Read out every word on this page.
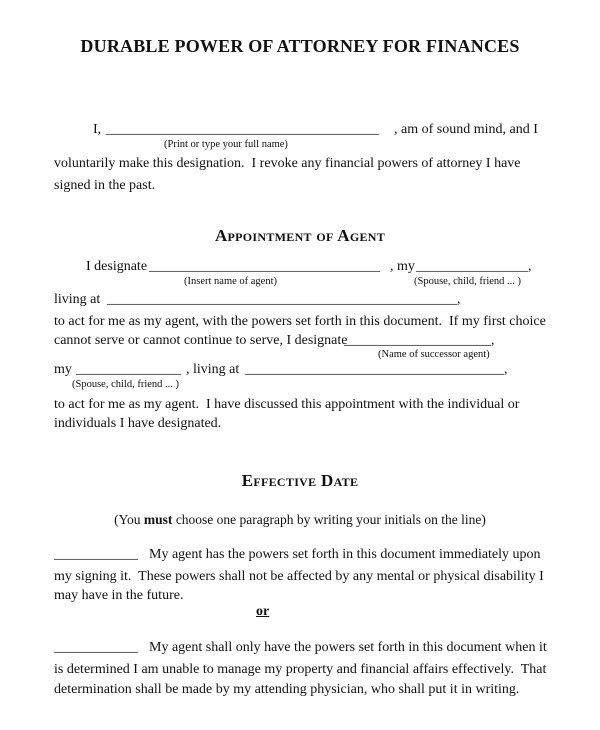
DURABLE POWER OF ATTORNEY FOR FINANCES
I, _______________________________________ , am of sound mind, and I
(Print or type your full name)
voluntarily make this designation.  I revoke any financial powers of attorney I have
signed in the past.
Appointment of Agent
I designate _________________________________ , my ________________,
(Insert name of agent)	(Spouse, child, friend ... )
living at __________________________________________________,
to act for me as my agent, with the powers set forth in this document.  If my first choice
cannot serve or cannot continue to serve, I designate
_____________________,
(Name of successor agent)
my _______________ , living at _____________________________________,
(Spouse, child, friend ... )
to act for me as my agent.  I have discussed this appointment with the individual or
individuals I have designated.
Effective Date
(You must choose one paragraph by writing your initials on the line)
____________ My agent has the powers set forth in this document immediately upon
my signing it.  These powers shall not be affected by any mental or physical disability I
may have in the future.
or
____________ My agent shall only have the powers set forth in this document when it
is determined I am unable to manage my property and financial affairs effectively.  That
determination shall be made by my attending physician, who shall put it in writing.
